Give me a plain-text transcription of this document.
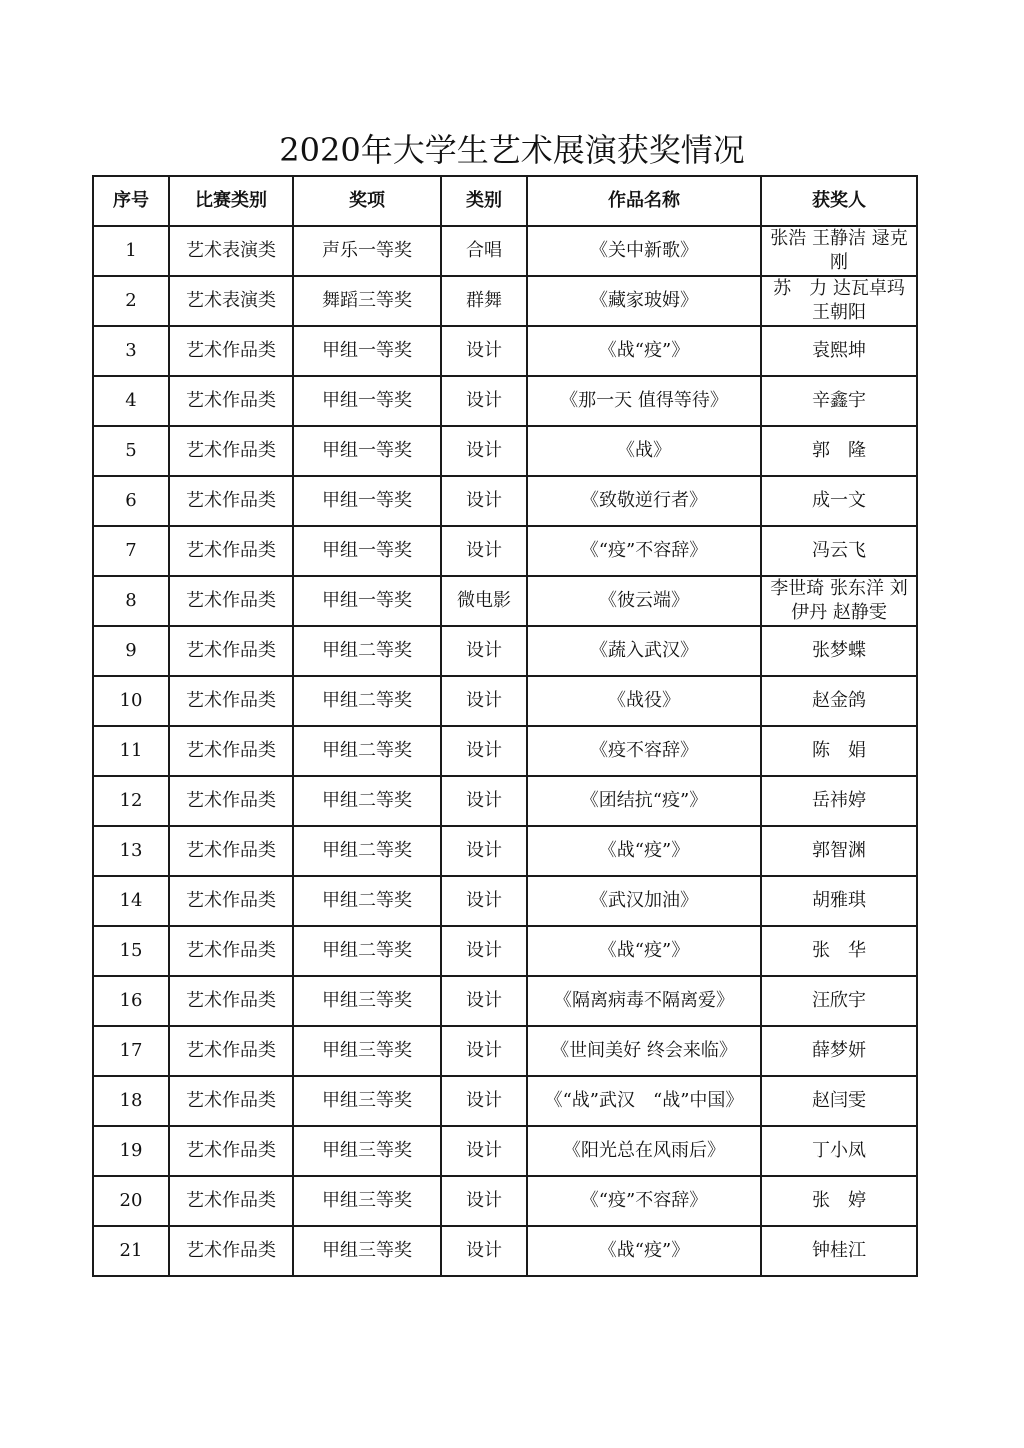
2020年大学生艺术展演获奖情况
序号	比赛类别	奖项	类别	作品名称	获奖人
1	艺术表演类	声乐一等奖	合唱	《关中新歌》	张浩 王静洁 逯克刚
2	艺术表演类	舞蹈三等奖	群舞	《藏家玻姆》	苏　力 达瓦卓玛 王朝阳
3	艺术作品类	甲组一等奖	设计	《战“疫”》	袁熙坤
4	艺术作品类	甲组一等奖	设计	《那一天 值得等待》	辛鑫宇
5	艺术作品类	甲组一等奖	设计	《战》	郭　隆
6	艺术作品类	甲组一等奖	设计	《致敬逆行者》	成一文
7	艺术作品类	甲组一等奖	设计	《“疫”不容辞》	冯云飞
8	艺术作品类	甲组一等奖	微电影	《彼云端》	李世琦 张东洋 刘伊丹 赵静雯
9	艺术作品类	甲组二等奖	设计	《蔬入武汉》	张梦蝶
10	艺术作品类	甲组二等奖	设计	《战役》	赵金鸽
11	艺术作品类	甲组二等奖	设计	《疫不容辞》	陈　娟
12	艺术作品类	甲组二等奖	设计	《团结抗“疫”》	岳祎婷
13	艺术作品类	甲组二等奖	设计	《战“疫”》	郭智渊
14	艺术作品类	甲组二等奖	设计	《武汉加油》	胡雅琪
15	艺术作品类	甲组二等奖	设计	《战“疫”》	张　华
16	艺术作品类	甲组三等奖	设计	《隔离病毒不隔离爱》	汪欣宇
17	艺术作品类	甲组三等奖	设计	《世间美好 终会来临》	薛梦妍
18	艺术作品类	甲组三等奖	设计	《“战”武汉　“战”中国》	赵闫雯
19	艺术作品类	甲组三等奖	设计	《阳光总在风雨后》	丁小凤
20	艺术作品类	甲组三等奖	设计	《“疫”不容辞》	张　婷
21	艺术作品类	甲组三等奖	设计	《战“疫”》	钟桂江
